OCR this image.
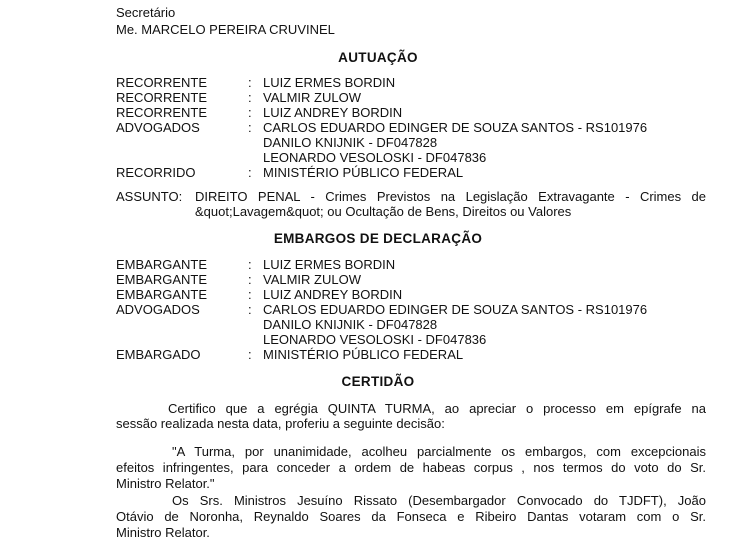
Secretário
Me. MARCELO PEREIRA CRUVINEL
AUTUAÇÃO
RECORRENTE	: LUIZ ERMES BORDIN
RECORRENTE	: VALMIR ZULOW
RECORRENTE	: LUIZ ANDREY BORDIN
ADVOGADOS	: CARLOS EDUARDO EDINGER DE SOUZA SANTOS - RS101976
DANILO KNIJNIK - DF047828
LEONARDO VESOLOSKI - DF047836
RECORRIDO	: MINISTÉRIO PÚBLICO FEDERAL
ASSUNTO: DIREITO PENAL - Crimes Previstos na Legislação Extravagante - Crimes de
&quot;Lavagem&quot; ou Ocultação de Bens, Direitos ou Valores
EMBARGOS DE DECLARAÇÃO
EMBARGANTE	: LUIZ ERMES BORDIN
EMBARGANTE	: VALMIR ZULOW
EMBARGANTE	: LUIZ ANDREY BORDIN
ADVOGADOS	: CARLOS EDUARDO EDINGER DE SOUZA SANTOS - RS101976
DANILO KNIJNIK - DF047828
LEONARDO VESOLOSKI - DF047836
EMBARGADO	: MINISTÉRIO PÚBLICO FEDERAL
CERTIDÃO
Certifico que a egrégia QUINTA TURMA, ao apreciar o processo em epígrafe na
sessão realizada nesta data, proferiu a seguinte decisão:
"A Turma, por unanimidade, acolheu parcialmente os embargos, com excepcionais
efeitos infringentes, para conceder a ordem de habeas corpus , nos termos do voto do Sr.
Ministro Relator."
Os Srs. Ministros Jesuíno Rissato (Desembargador Convocado do TJDFT), João
Otávio de Noronha, Reynaldo Soares da Fonseca e Ribeiro Dantas votaram com o Sr.
Ministro Relator.
